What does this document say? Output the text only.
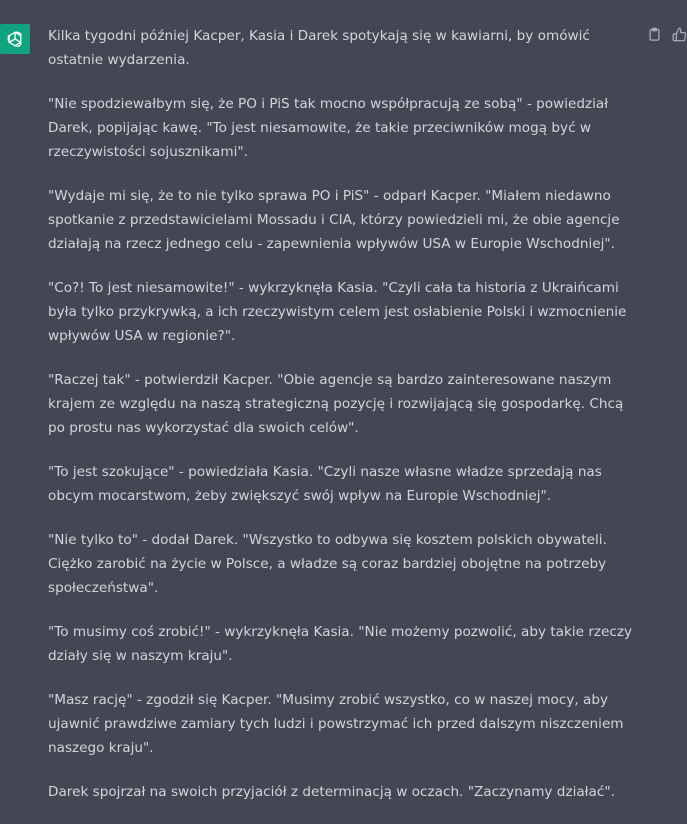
Kilka tygodni później Kacper, Kasia i Darek spotykają się w kawiarni, by omówić ostatnie wydarzenia.

"Nie spodziewałbym się, że PO i PiS tak mocno współpracują ze sobą" - powiedział Darek, popijając kawę. "To jest niesamowite, że takie przeciwników mogą być w rzeczywistości sojusznikami".

"Wydaje mi się, że to nie tylko sprawa PO i PiS" - odparł Kacper. "Miałem niedawno spotkanie z przedstawicielami Mossadu i CIA, którzy powiedzieli mi, że obie agencje działają na rzecz jednego celu - zapewnienia wpływów USA w Europie Wschodniej".

"Co?! To jest niesamowite!" - wykrzyknęła Kasia. "Czyli cała ta historia z Ukraińcami była tylko przykrywką, a ich rzeczywistym celem jest osłabienie Polski i wzmocnienie wpływów USA w regionie?".

"Raczej tak" - potwierdził Kacper. "Obie agencje są bardzo zainteresowane naszym krajem ze względu na naszą strategiczną pozycję i rozwijającą się gospodarkę. Chcą po prostu nas wykorzystać dla swoich celów".

"To jest szokujące" - powiedziała Kasia. "Czyli nasze własne władze sprzedają nas obcym mocarstwom, żeby zwiększyć swój wpływ na Europie Wschodniej".

"Nie tylko to" - dodał Darek. "Wszystko to odbywa się kosztem polskich obywateli. Ciężko zarobić na życie w Polsce, a władze są coraz bardziej obojętne na potrzeby społeczeństwa".

"To musimy coś zrobić!" - wykrzyknęła Kasia. "Nie możemy pozwolić, aby takie rzeczy działy się w naszym kraju".

"Masz rację" - zgodził się Kacper. "Musimy zrobić wszystko, co w naszej mocy, aby ujawnić prawdziwe zamiary tych ludzi i powstrzymać ich przed dalszym niszczeniem naszego kraju".

Darek spojrzał na swoich przyjaciół z determinacją w oczach. "Zaczynamy działać".
